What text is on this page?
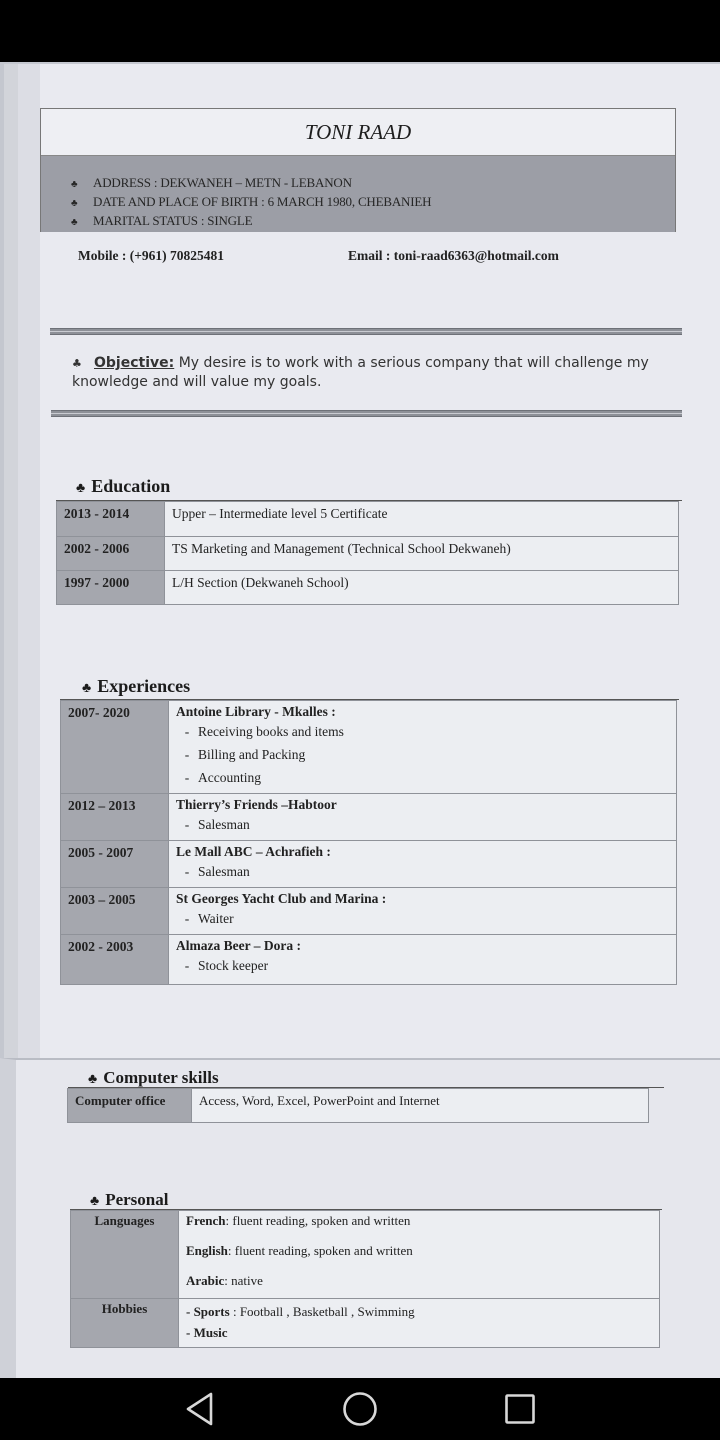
TONI RAAD
♣ ADDRESS : DEKWANEH – METN - LEBANON
♣ DATE AND PLACE OF BIRTH : 6 MARCH 1980, CHEBANIEH
♣ MARITAL STATUS : SINGLE
Mobile : (+961) 70825481	Email : toni-raad6363@hotmail.com
♣ Objective: My desire is to work with a serious company that will challenge my knowledge and will value my goals.
♣ Education
2013 - 2014	Upper – Intermediate level 5 Certificate
2002 - 2006	TS Marketing and Management (Technical School Dekwaneh)
1997 - 2000	L/H Section (Dekwaneh School)
♣ Experiences
2007- 2020	Antoine Library - Mkalles :
- Receiving books and items
- Billing and Packing
- Accounting

2012 – 2013	Thierry’s Friends –Habtoor
- Salesman

2005 - 2007	Le Mall ABC – Achrafieh :
- Salesman

2003 – 2005	St Georges Yacht Club and Marina :
- Waiter

2002 - 2003	Almaza Beer – Dora :
- Stock keeper
♣ Computer skills
Computer office	Access, Word, Excel, PowerPoint and Internet
♣ Personal
Languages	French: fluent reading, spoken and written
English: fluent reading, spoken and written
Arabic: native

Hobbies	- Sports : Football , Basketball , Swimming
- Music
